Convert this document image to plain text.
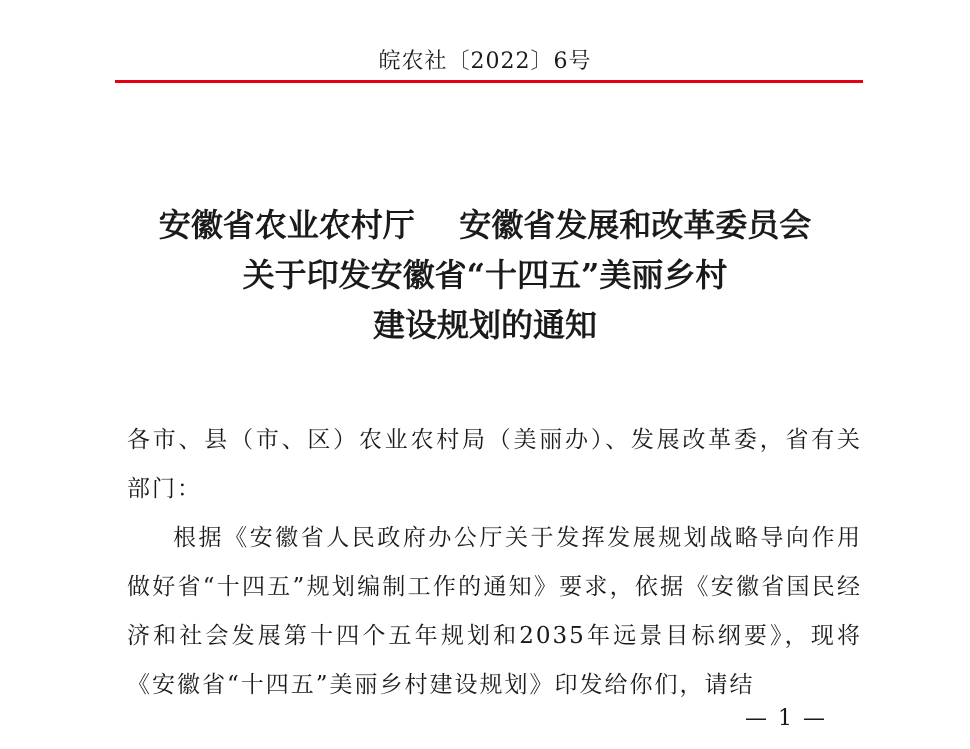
皖农社〔2022〕6号
安徽省农业农村厅    安徽省发展和改革委员会
关于印发安徽省“十四五”美丽乡村
建设规划的通知

各市、县（市、区）农业农村局（美丽办）、发展改革委，省有关部门：

根据《安徽省人民政府办公厅关于发挥发展规划战略导向作用做好省“十四五”规划编制工作的通知》要求，依据《安徽省国民经济和社会发展第十四个五年规划和2035年远景目标纲要》，现将《安徽省“十四五”美丽乡村建设规划》印发给你们，请结

— 1 —
